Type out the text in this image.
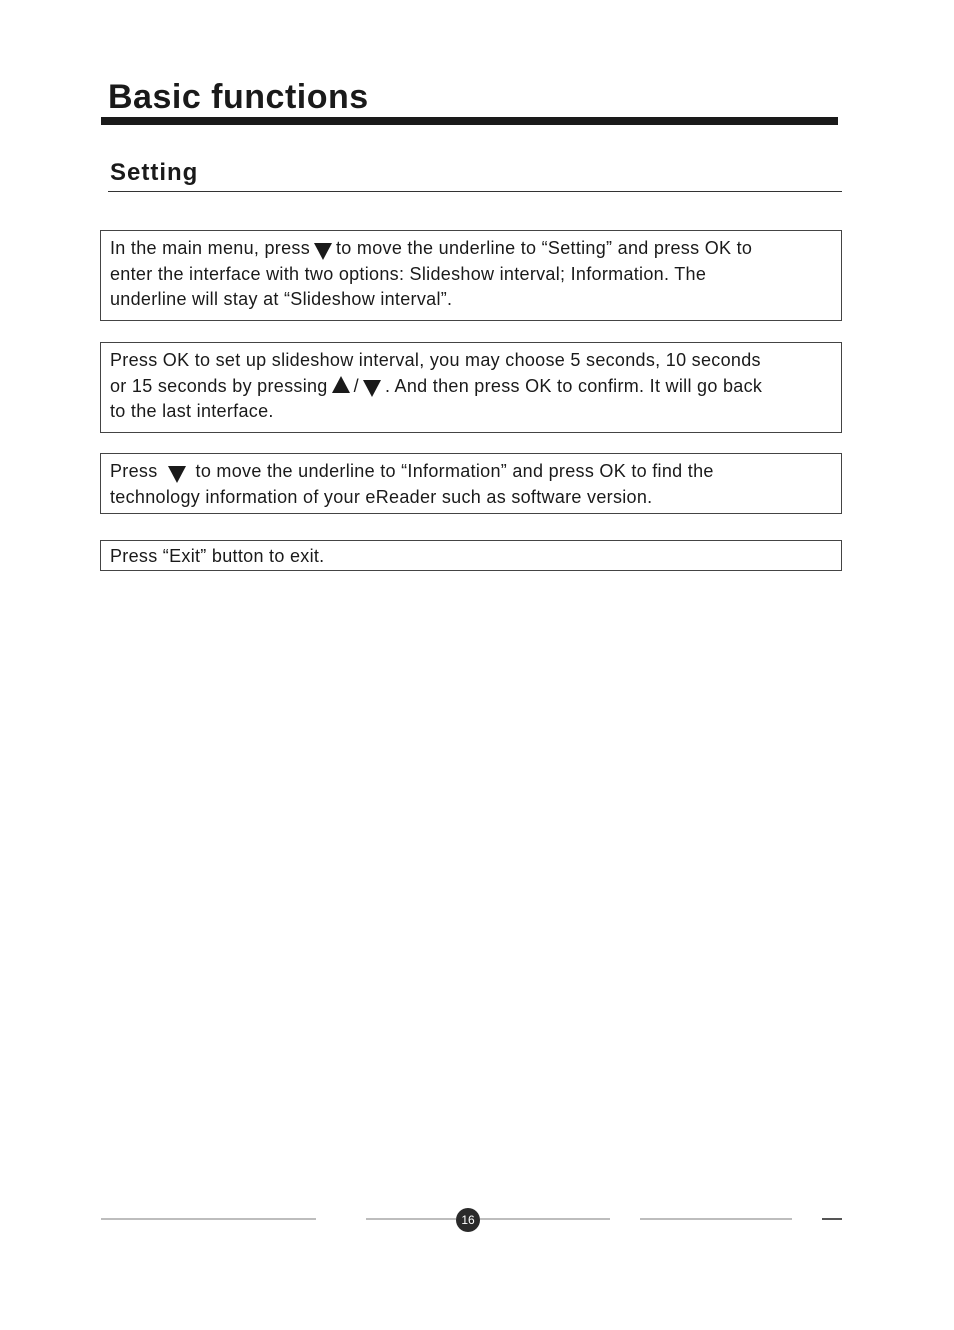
Basic functions
Setting
In the main menu, press to move the underline to “Setting” and press OK to
enter the interface with two options: Slideshow interval; Information. The
underline will stay at “Slideshow interval”.
Press OK to set up slideshow interval, you may choose 5 seconds, 10 seconds
or 15 seconds by pressing / . And then press OK to confirm. It will go back
to the last interface.
Press to move the underline to “Information” and press OK to find the
technology information of your eReader such as software version.
Press “Exit” button to exit.
16
